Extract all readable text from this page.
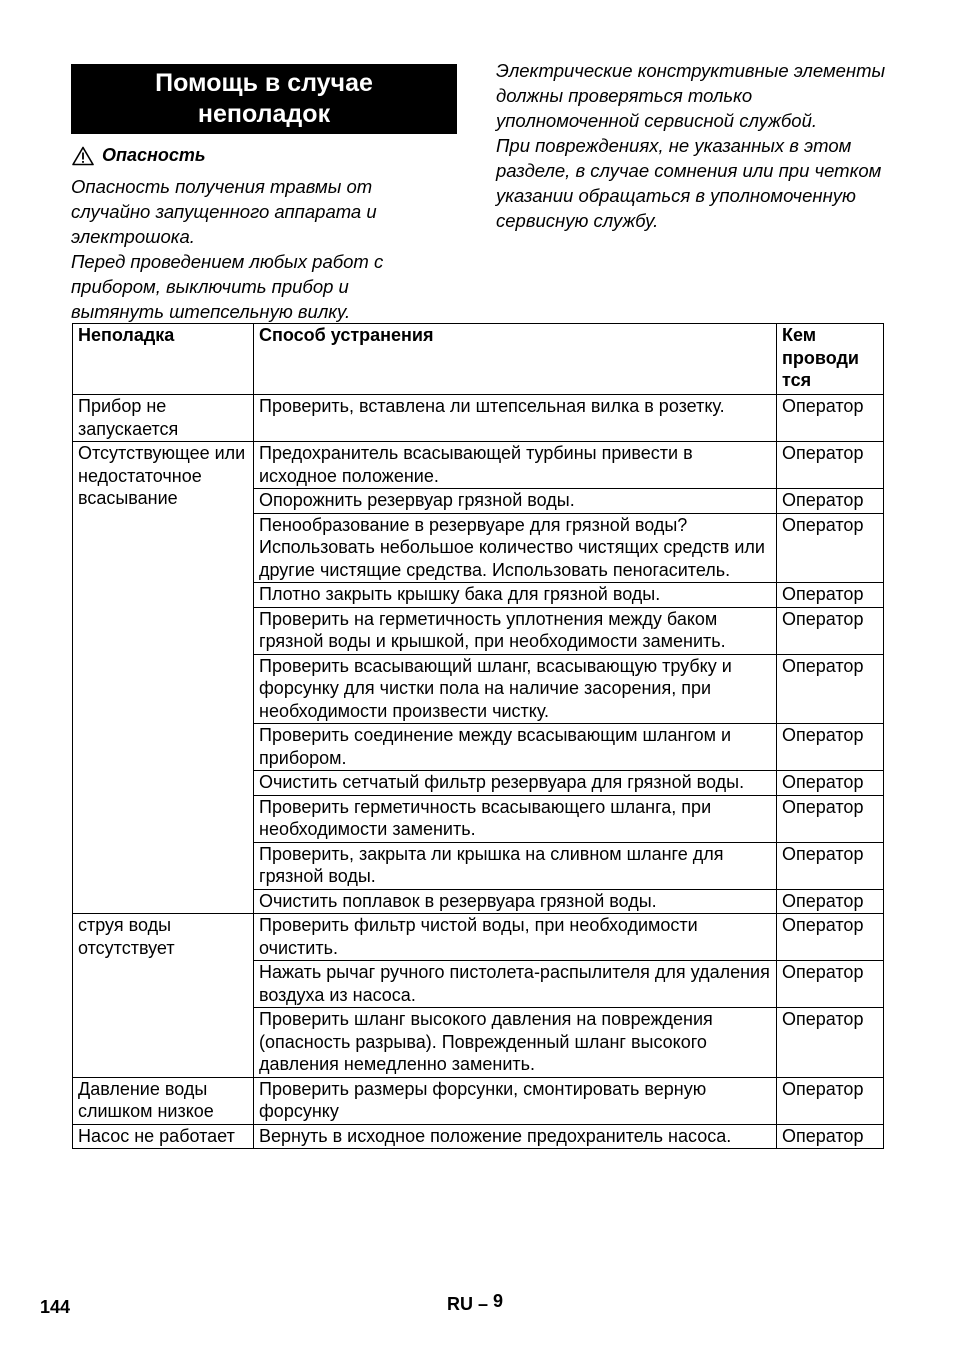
Помощь в случае
неполадок
Опасность

Опасность получения травмы от случайно запущенного аппарата и электрошока.

Перед проведением любых работ с прибором, выключить прибор и вытянуть штепсельную вилку.

Электрические конструктивные элементы должны проверяться только уполномоченной сервисной службой.

При повреждениях, не указанных в этом разделе, в случае сомнения или при четком указании обращаться в уполномоченную сервисную службу.

Неполадка	Способ устранения	Кем проводи тся
Прибор не запускается	Проверить, вставлена ли штепсельная вилка в розетку.	Оператор
Отсутствующее или недостаточное всасывание	Предохранитель всасывающей турбины привести в исходное положение.	Оператор
	Опорожнить резервуар грязной воды.	Оператор
	Пенообразование в резервуаре для грязной воды? Использовать небольшое количество чистящих средств или другие чистящие средства. Использовать пеногаситель.	Оператор
	Плотно закрыть крышку бака для грязной воды.	Оператор
	Проверить на герметичность уплотнения между баком грязной воды и крышкой, при необходимости заменить.	Оператор
	Проверить всасывающий шланг, всасывающую трубку и форсунку для чистки пола на наличие засорения, при необходимости произвести чистку.	Оператор
	Проверить соединение между всасывающим шлангом и прибором.	Оператор
	Очистить сетчатый фильтр резервуара для грязной воды.	Оператор
	Проверить герметичность всасывающего шланга, при необходимости заменить.	Оператор
	Проверить, закрыта ли крышка на сливном шланге для грязной воды.	Оператор
	Очистить поплавок в резервуара грязной воды.	Оператор
струя воды отсутствует	Проверить фильтр чистой воды, при необходимости очистить.	Оператор
	Нажать рычаг ручного пистолета-распылителя для удаления воздуха из насоса.	Оператор
	Проверить шланг высокого давления на повреждения (опасность разрыва). Поврежденный шланг высокого давления немедленно заменить.	Оператор
Давление воды слишком низкое	Проверить размеры форсунки, смонтировать верную форсунку	Оператор
Насос не работает	Вернуть в исходное положение предохранитель насоса.	Оператор
144	RU – 9
